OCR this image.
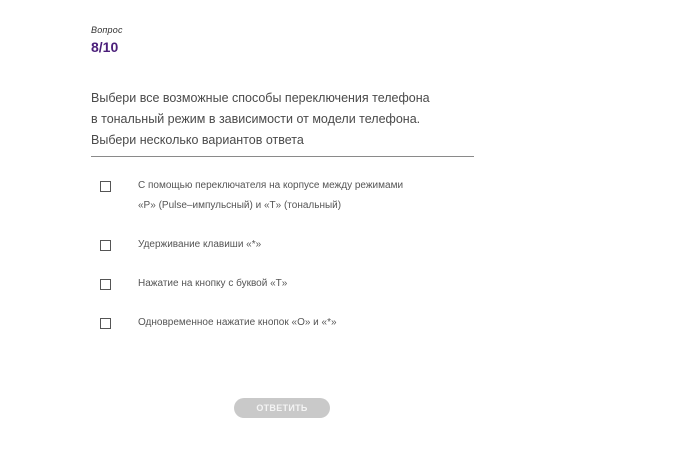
Вопрос
8/10
Выбери все возможные способы переключения телефона
в тональный режим в зависимости от модели телефона.
Выбери несколько вариантов ответа
С помощью переключателя на корпусе между режимами
«P» (Pulse–импульсный) и «T» (тональный)
Удерживание клавиши «*»
Нажатие на кнопку с буквой «T»
Одновременное нажатие кнопок «O» и «*»
ОТВЕТИТЬ
